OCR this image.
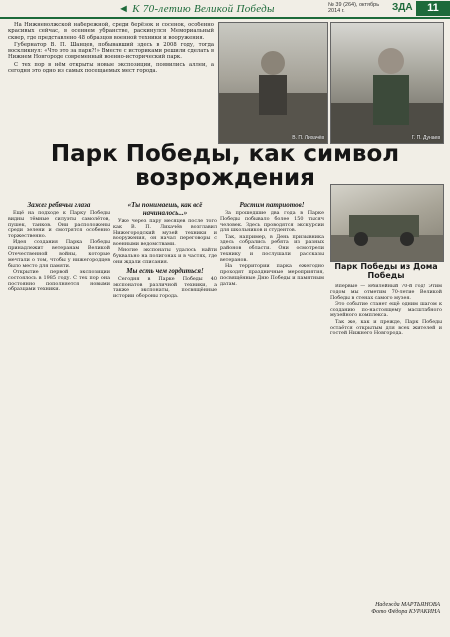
◄ К 70-летию Великой Победы	№ 39 (264), октябрь 2014 г.	ЗДА	11

На Нижневолжской набережной, среди берёзок и сосенок, особенно красивых сейчас, в осеннем убранстве, раскинулся Мемориальный сквер, где представлено 48 образцов военной техники и вооружения.

Губернатор В. П. Шанцев, побывавший здесь в 2008 году, тогда воскликнул: «Что это за парк?!» Вместе с историками решили сделать в Нижнем Новгороде современный военно-исторический парк.

С тех пор в нём открыты новые экспозиции, появились аллеи, а сегодня это одно из самых посещаемых мест города.

В. П. Лихачёв	Г. П. Дунаев
Парк Победы, как символ возрождения
Зажег ребячьи глаза

Ещё на подходе к Парку Победы видны тёмные силуэты самолётов, пушек, танков. Они расположены среди зелени и смотрятся особенно торжественно.

Идея создания Парка Победы принадлежит ветеранам Великой Отечественной войны, которые мечтали о том, чтобы у нижегородцев было место для памяти.

Открытие первой экспозиции состоялось в 1985 году. С тех пор она постоянно пополняется новыми образцами техники.

«Ты понимаешь, как всё начиналось...»

Уже через пару месяцев после того как В. П. Лихачёв возглавил Нижегородский музей техники и вооружения, он начал переговоры с военными ведомствами.

Многие экспонаты удалось найти буквально на полигонах и в частях, где они ждали списания.

Мы есть чем гордиться!

Сегодня в Парке Победы 40 экспонатов различной техники, а также экспонаты, посвящённые истории обороны города.

Растим патриотов!

За прошедшие два года в Парке Победы побывало более 150 тысяч человек. Здесь проводятся экскурсии для школьников и студентов.

Так, например, в День призывника здесь собрались ребята из разных районов области. Они осмотрели технику и послушали рассказы ветеранов.

На территории парка ежегодно проходят праздничные мероприятия, посвящённые Дню Победы и памятным датам.

Парк Победы из Дома Победы

Впервые — юбилейный 70-й год! Этим годом мы отметим 70-летие Великой Победы в стенах самого музея.

Это событие станет ещё одним шагом к созданию по-настоящему масштабного музейного комплекса.

Так же, как и прежде, Парк Победы остаётся открытым для всех жителей и гостей Нижнего Новгорода.

Надежда МАРТЬЯНОВА
Фото Фёдора КУРАКИНА
